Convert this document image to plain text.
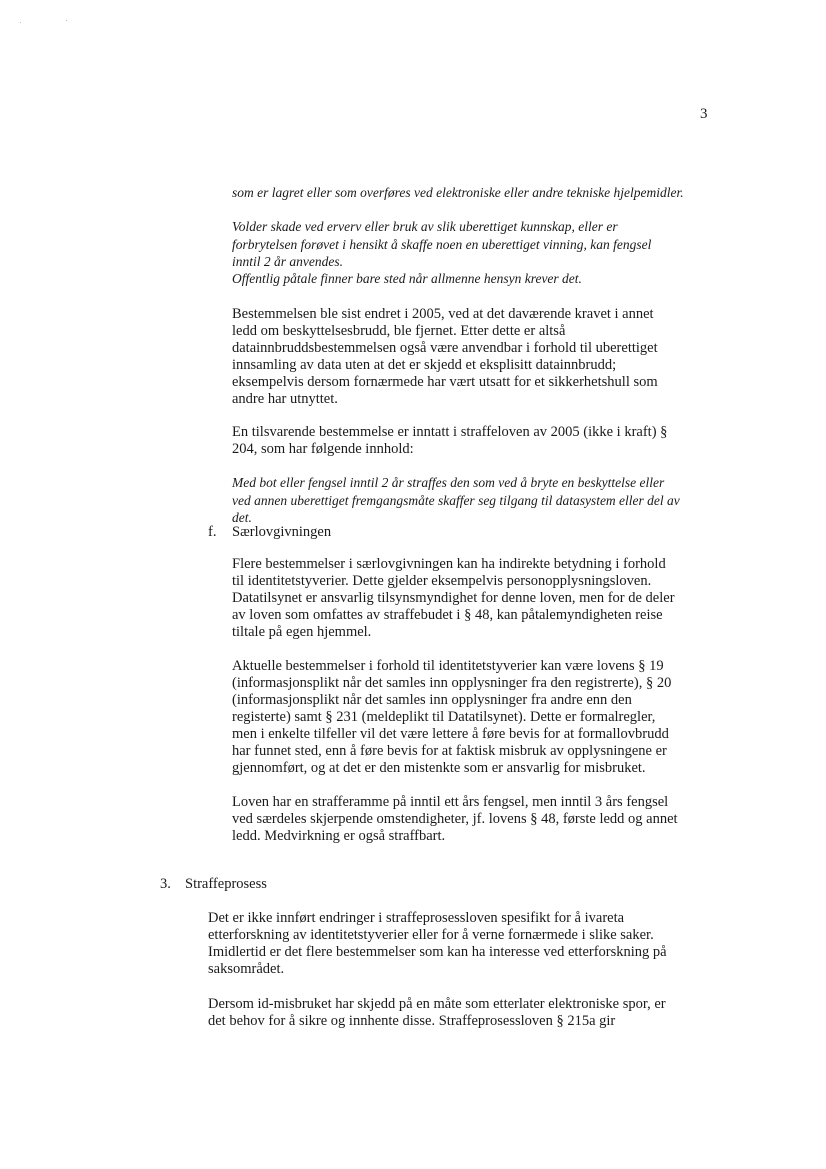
3

som er lagret eller som overføres ved elektroniske eller andre tekniske hjelpemidler.

Volder skade ved erverv eller bruk av slik uberettiget kunnskap, eller er forbrytelsen forøvet i hensikt å skaffe noen en uberettiget vinning, kan fengsel inntil 2 år anvendes.

Offentlig påtale finner bare sted når allmenne hensyn krever det.

Bestemmelsen ble sist endret i 2005, ved at det daværende kravet i annet ledd om beskyttelsesbrudd, ble fjernet. Etter dette er altså datainnbruddsbestemmelsen også være anvendbar i forhold til uberettiget innsamling av data uten at det er skjedd et eksplisitt datainnbrudd; eksempelvis dersom fornærmede har vært utsatt for et sikkerhetshull som andre har utnyttet.

En tilsvarende bestemmelse er inntatt i straffeloven av 2005 (ikke i kraft) § 204, som har følgende innhold:

Med bot eller fengsel inntil 2 år straffes den som ved å bryte en beskyttelse eller ved annen uberettiget fremgangsmåte skaffer seg tilgang til datasystem eller del av det.

f. Særlovgivningen

Flere bestemmelser i særlovgivningen kan ha indirekte betydning i forhold til identitetstyverier. Dette gjelder eksempelvis personopplysningsloven. Datatilsynet er ansvarlig tilsynsmyndighet for denne loven, men for de deler av loven som omfattes av straffebudet i § 48, kan påtalemyndigheten reise tiltale på egen hjemmel.

Aktuelle bestemmelser i forhold til identitetstyverier kan være lovens § 19 (informasjonsplikt når det samles inn opplysninger fra den registrerte), § 20 (informasjonsplikt når det samles inn opplysninger fra andre enn den registerte) samt § 231 (meldeplikt til Datatilsynet). Dette er formalregler, men i enkelte tilfeller vil det være lettere å føre bevis for at formallovbrudd har funnet sted, enn å føre bevis for at faktisk misbruk av opplysningene er gjennomført, og at det er den mistenkte som er ansvarlig for misbruket.

Loven har en strafferamme på inntil ett års fengsel, men inntil 3 års fengsel ved særdeles skjerpende omstendigheter, jf. lovens § 48, første ledd og annet ledd. Medvirkning er også straffbart.

3. Straffeprosess

Det er ikke innført endringer i straffeprosessloven spesifikt for å ivareta etterforskning av identitetstyverier eller for å verne fornærmede i slike saker. Imidlertid er det flere bestemmelser som kan ha interesse ved etterforskning på saksområdet.

Dersom id-misbruket har skjedd på en måte som etterlater elektroniske spor, er det behov for å sikre og innhente disse. Straffeprosessloven § 215a gir
